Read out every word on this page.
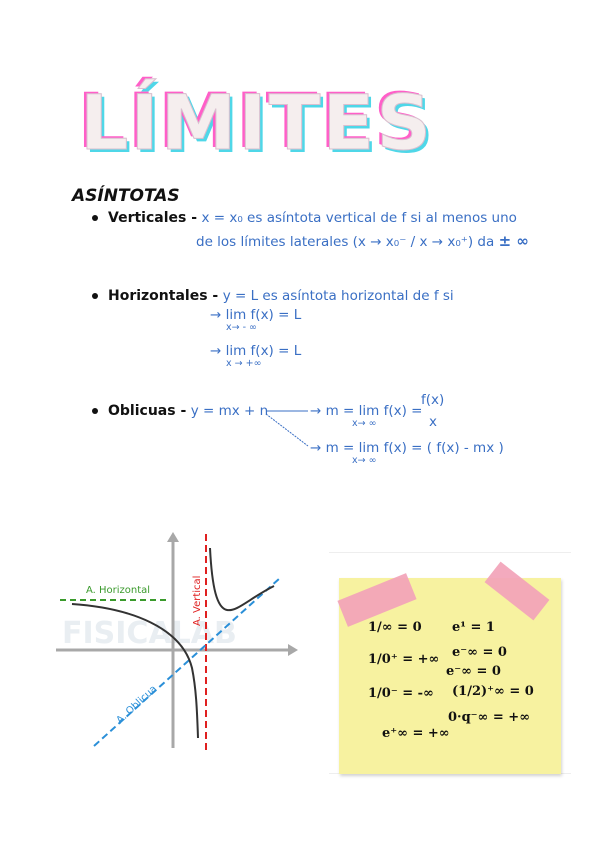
LÍMITES
ASÍNTOTAS
Verticales - x = x₀ es asíntota vertical de f si al menos uno
de los límites laterales (x → x₀⁻ / x → x₀⁺) da ± ∞
Horizontales - y = L es asíntota horizontal de f si
→ lim f(x) = L
x→ - ∞
→ lim f(x) = L
x → +∞
Oblicuas - y = mx + n	→ m = lim f(x) =
x→ ∞
f(x)
x
→ m = lim f(x) = ( f(x) - mx )
x→ ∞
FISICALAB
A. Horizontal	A. Vertical
A. Oblicua
1/∞ = 0 e¹ = 1
1/0⁺ = +∞ e⁻∞ = 0
e⁻∞ = 0
1/0⁻ = -∞ (1/2)⁺∞ = 0
0·q⁻∞ = +∞
e⁺∞ = +∞
